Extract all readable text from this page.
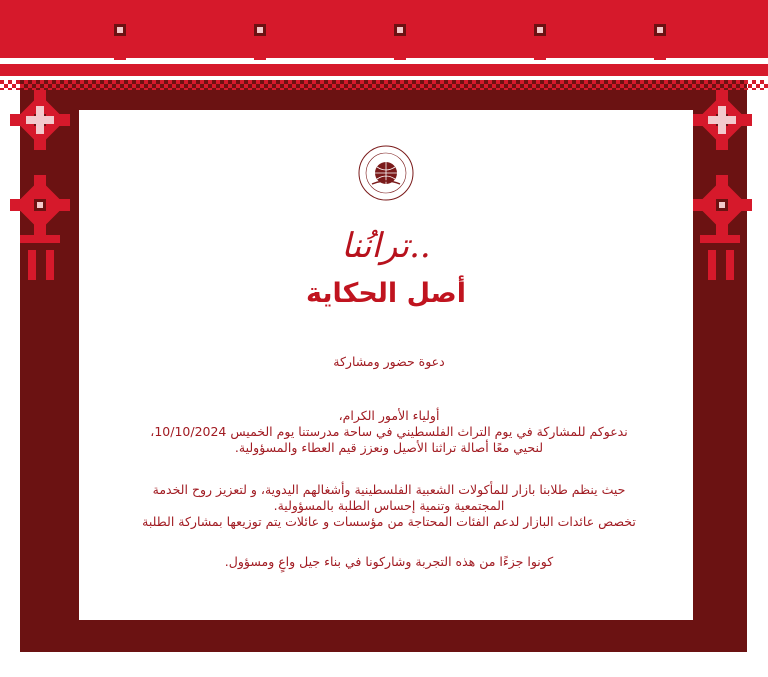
ترانُنا..
أصل الحكاية
دعوة حضور ومشاركة
أولياء الأمور الكرام،
ندعوكم للمشاركة في يوم التراث الفلسطيني في ساحة مدرستنا يوم الخميس 10/10/2024،
لنحيي معًا أصالة تراثنا الأصيل ونعزز قيم العطاء والمسؤولية.
حيث ينظم طلابنا بازار للمأكولات الشعبية الفلسطينية وأشغالهم اليدوية، و لتعزيز روح الخدمة
المجتمعية وتنمية إحساس الطلبة بالمسؤولية.
تخصص عائدات البازار لدعم الفئات المحتاجة من مؤسسات و عائلات يتم توزيعها بمشاركة الطلبة
كونوا جزءًا من هذه التجربة وشاركونا في بناء جيل واعٍ ومسؤول.
